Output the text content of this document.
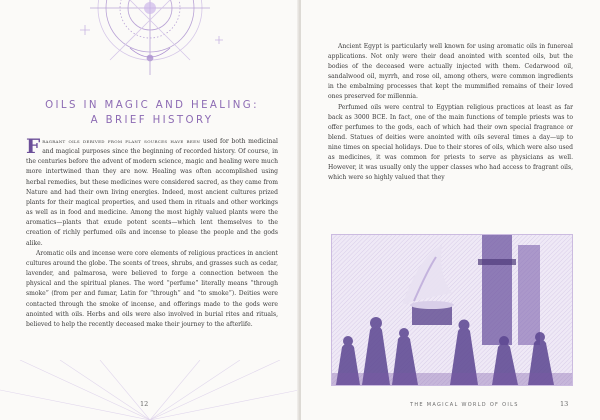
OILS IN MAGIC AND HEALING:
A BRIEF HISTORY

Fragrant oils derived from plant sources have been used for both medicinal and magical purposes since the beginning of recorded history. Of course, in the centuries before the advent of modern science, magic and healing were much more intertwined than they are now. Healing was often accomplished using herbal remedies, but these medicines were considered sacred, as they came from Nature and had their own living energies. Indeed, most ancient cultures prized plants for their magical properties, and used them in rituals and other workings as well as in food and medicine. Among the most highly valued plants were the aromatics—plants that exude potent scents—which lent themselves to the creation of richly perfumed oils and incense to please the people and the gods alike.

Aromatic oils and incense were core elements of religious practices in ancient cultures around the globe. The scents of trees, shrubs, and grasses such as cedar, lavender, and palmarosa, were believed to forge a connection between the physical and the spiritual planes. The word “perfume” literally means “through smoke” (from per and fumar, Latin for “through” and “to smoke”). Deities were contacted through the smoke of incense, and offerings made to the gods were anointed with oils. Herbs and oils were also involved in burial rites and rituals, believed to help the recently deceased make their journey to the afterlife.

12

Ancient Egypt is particularly well known for using aromatic oils in funereal applications. Not only were their dead anointed with scented oils, but the bodies of the deceased were actually injected with them. Cedarwood oil, sandalwood oil, myrrh, and rose oil, among others, were common ingredients in the embalming processes that kept the mummified remains of their loved ones preserved for millennia.

Perfumed oils were central to Egyptian religious practices at least as far back as 3000 BCE. In fact, one of the main functions of temple priests was to offer perfumes to the gods, each of which had their own special fragrance or blend. Statues of deities were anointed with oils several times a day—up to nine times on special holidays. Due to their stores of oils, which were also used as medicines, it was common for priests to serve as physicians as well. However, it was usually only the upper classes who had access to fragrant oils, which were so highly valued that they

THE MAGICAL WORLD OF OILS	13
